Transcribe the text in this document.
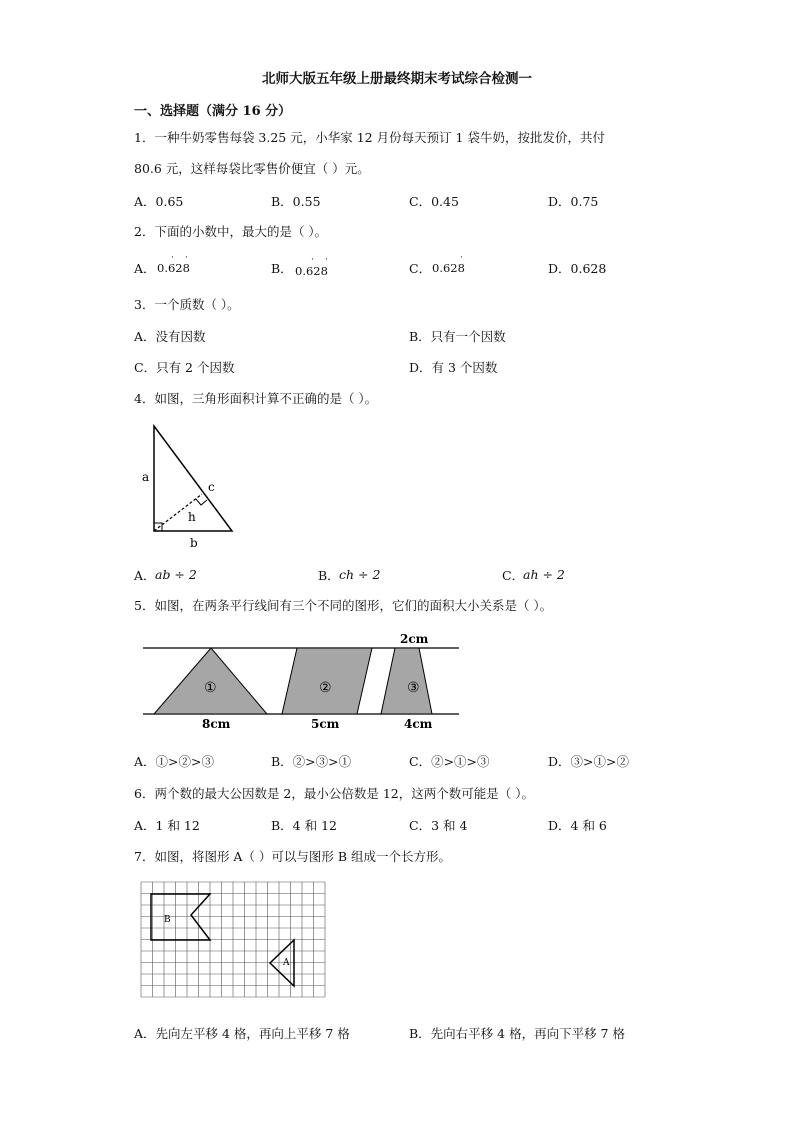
北师大版五年级上册最终期末考试综合检测一
一、选择题（满分 16 分）
1．一种牛奶零售每袋 3.25 元，小华家 12 月份每天预订 1 袋牛奶，按批发价，共付
80.6 元，这样每袋比零售价便宜（ ）元。
A．0.65	B．0.55	C．0.45	D．0.75
2．下面的小数中，最大的是（ ）。
A． 0.628
· ·
B． 0.628
· ·
C． 0.628
·
D．0.628
3．一个质数（ ）。
A．没有因数	B．只有一个因数
C．只有 2 个因数	D．有 3 个因数
4．如图，三角形面积计算不正确的是（ ）。
a
b
c
h
A． ab ÷ 2	B． ch ÷ 2	C．
ah ÷ 2
5．如图，在两条平行线间有三个不同的图形，它们的面积大小关系是（ ）。
2cm
①	②	③
8cm	5cm	4cm
A．①>②>③	B．②>③>①	C．②>①>③	D．③>①>②
6．两个数的最大公因数是 2，最小公倍数是 12，这两个数可能是（ ）。
A．1 和 12	B．4 和 12	C．3 和 4	D．4 和 6
7．如图，将图形 A（ ）可以与图形 B 组成一个长方形。
B
A
A．先向左平移 4 格，再向上平移 7 格	B．先向右平移 4 格，再向下平移 7 格
